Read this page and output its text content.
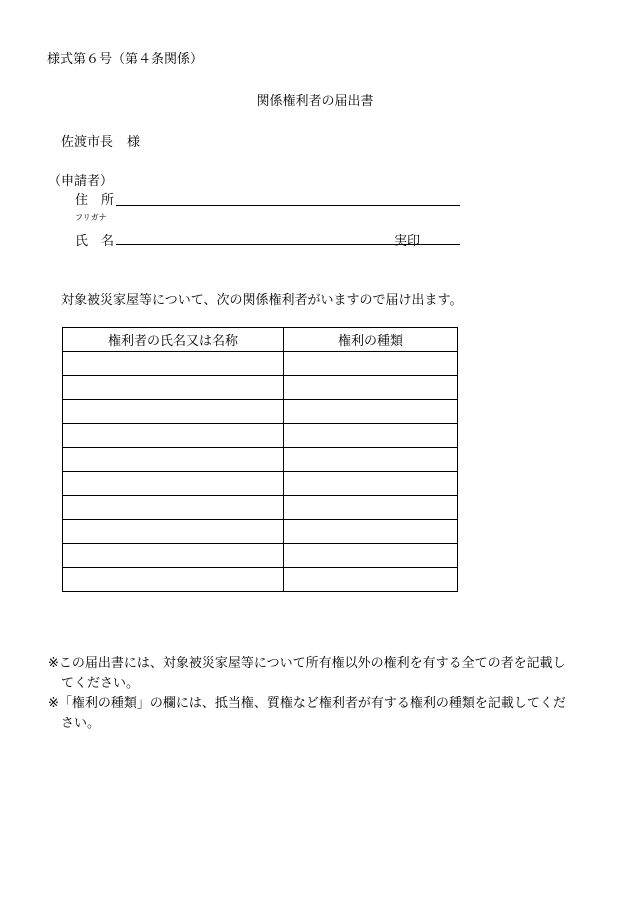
様式第６号（第４条関係）
関係権利者の届出書
佐渡市長 様
（申請者）
住　所
フリガナ
氏　名	実印
対象被災家屋等について、次の関係権利者がいますので届け出ます。
権利者の氏名又は名称	権利の種類

※この届出書には、対象被災家屋等について所有権以外の権利を有する全ての者を記載し
てください。
※「権利の種類」の欄には、抵当権、質権など権利者が有する権利の種類を記載してくだ
さい。
